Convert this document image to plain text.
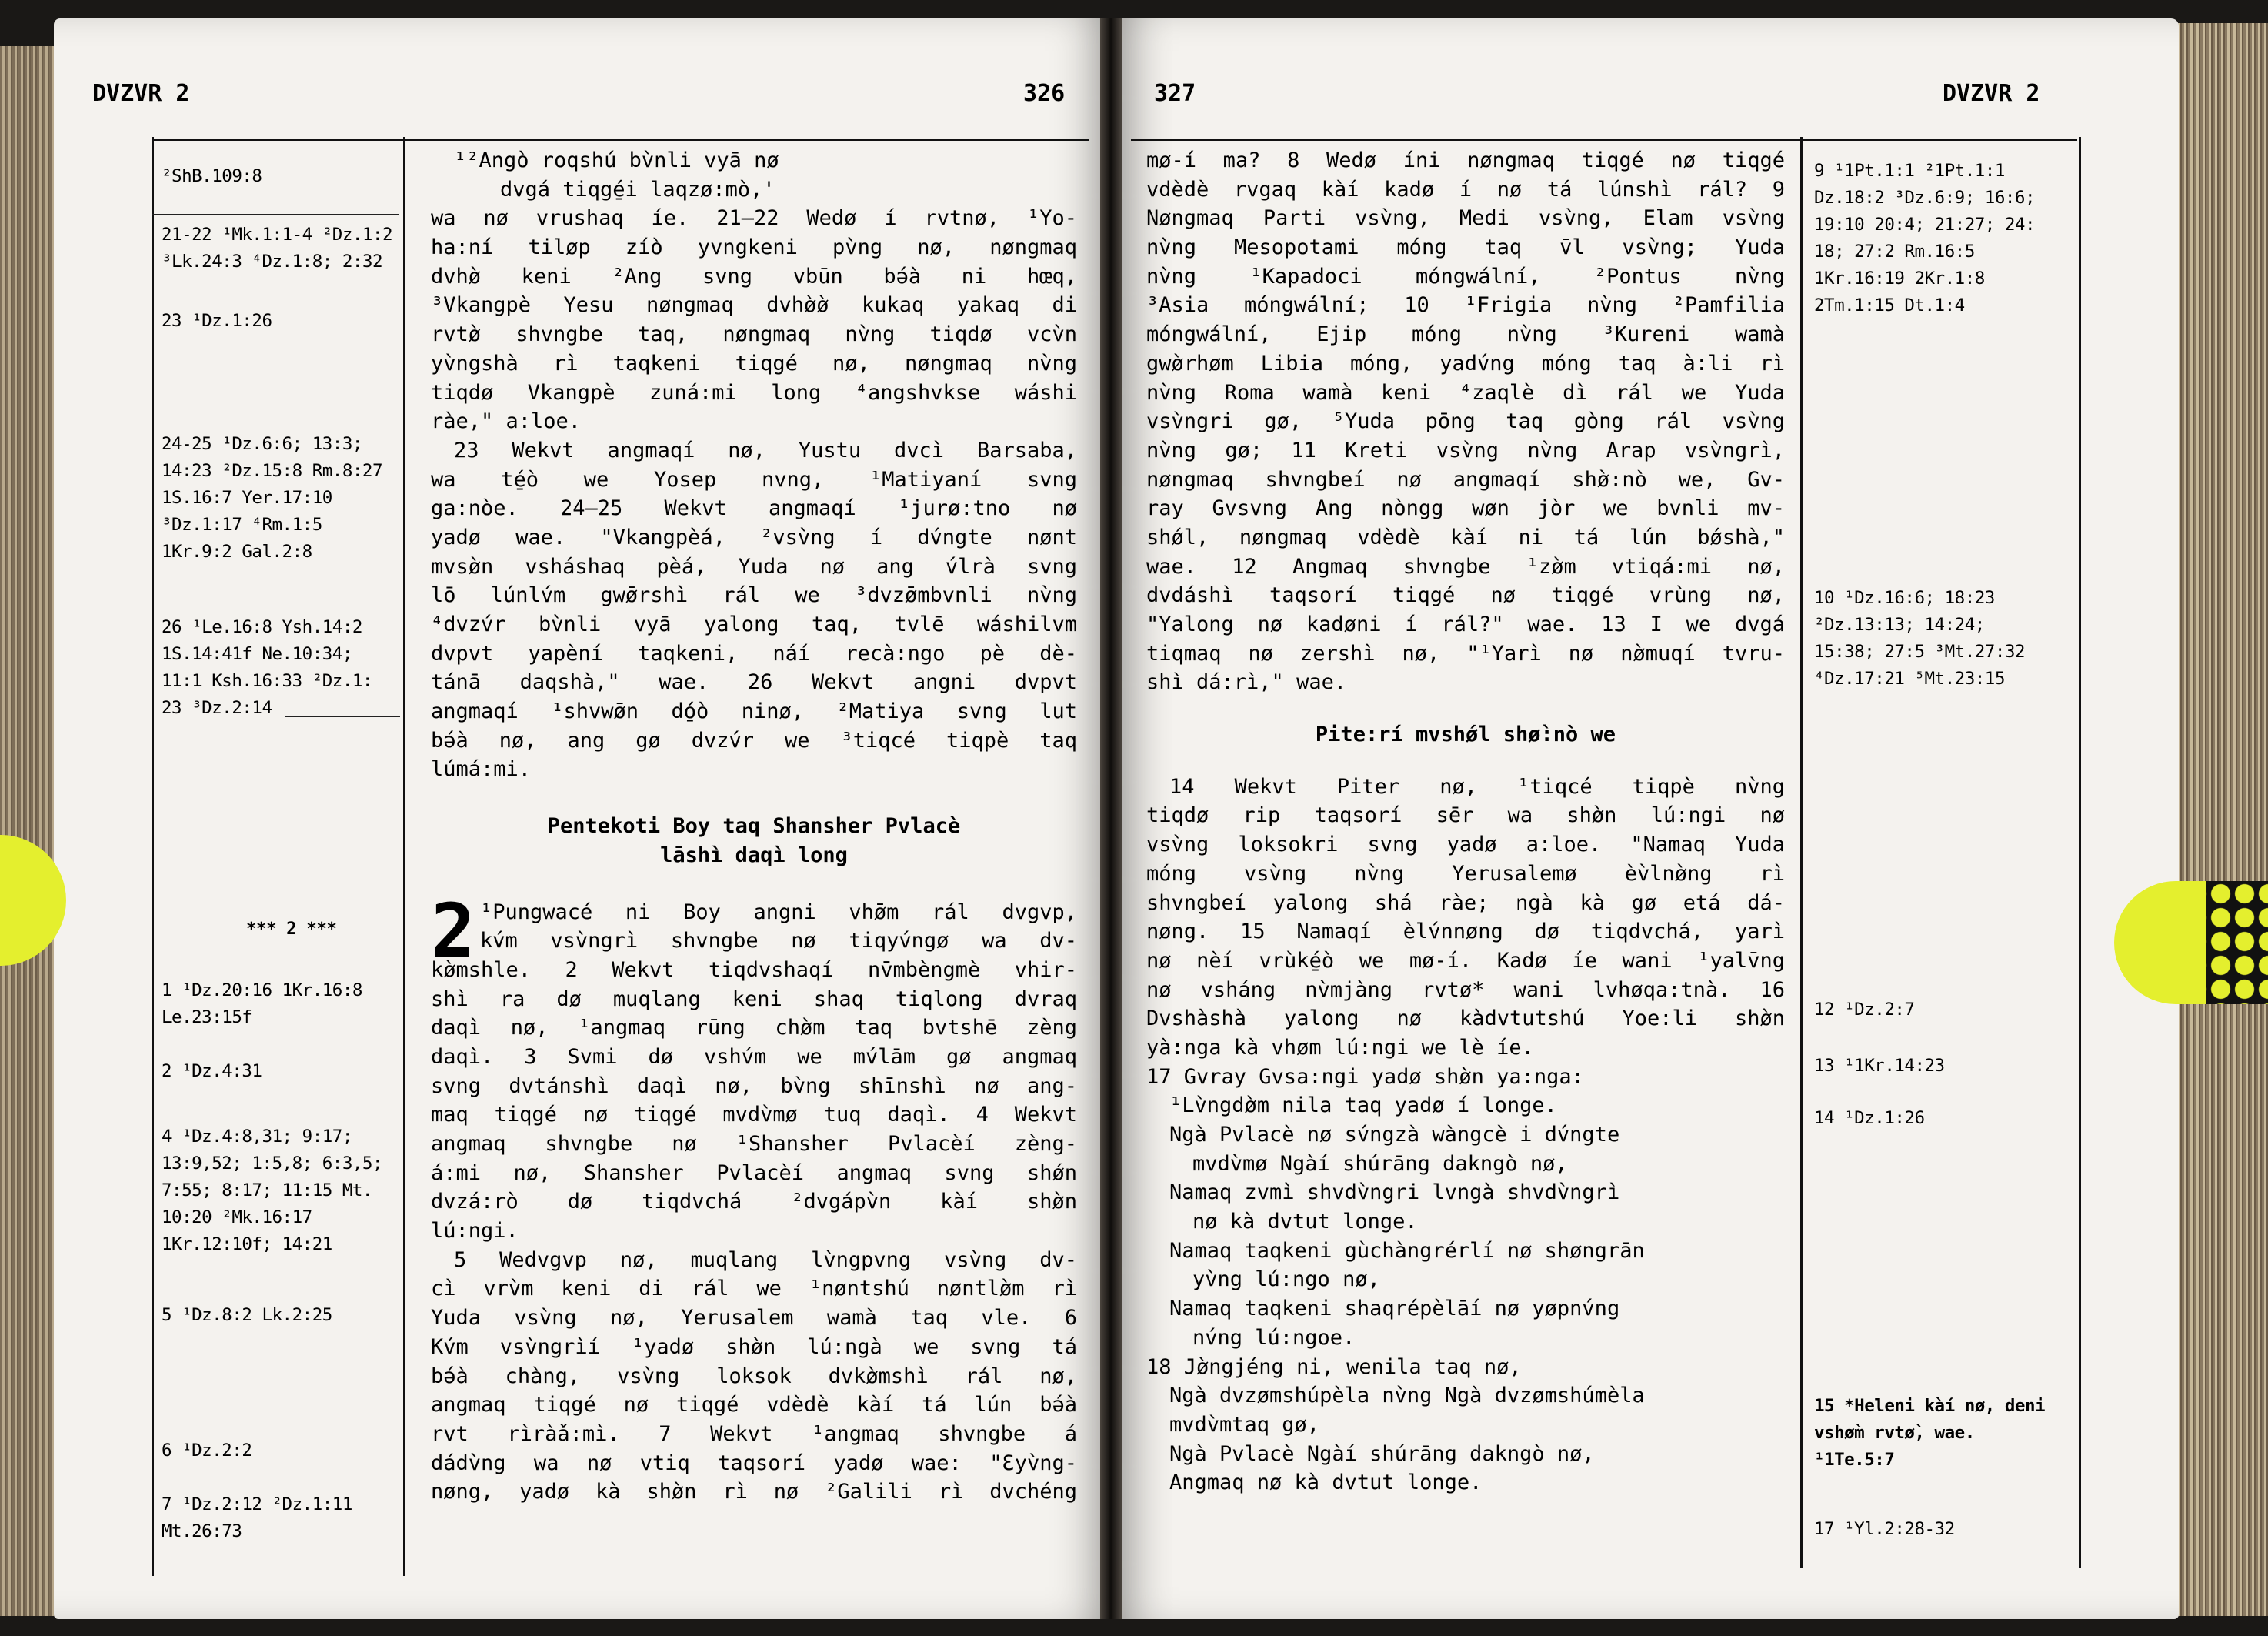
DVZVR 2	326	327	DVZVR 2

²ShB.109:8

21-22 ¹Mk.1:1-4 ²Dz.1:2
³Lk.24:3 ⁴Dz.1:8; 2:32

23 ¹Dz.1:26

24-25 ¹Dz.6:6; 13:3;
14:23 ²Dz.15:8 Rm.8:27
1S.16:7 Yer.17:10
³Dz.1:17 ⁴Rm.1:5
1Kr.9:2 Gal.2:8

26 ¹Le.16:8 Ysh.14:2
1S.14:41f Ne.10:34;
11:1 Ksh.16:33 ²Dz.1:
23 ³Dz.2:14

*** 2 ***

1 ¹Dz.20:16 1Kr.16:8
Le.23:15f

2 ¹Dz.4:31

4 ¹Dz.4:8,31; 9:17;
13:9,52; 1:5,8; 6:3,5;
7:55; 8:17; 11:15 Mt.
10:20 ²Mk.16:17
1Kr.12:10f; 14:21

5 ¹Dz.8:2 Lk.2:25

6 ¹Dz.2:2

7 ¹Dz.2:12 ²Dz.1:11
Mt.26:73

¹²Angò roqshú bv̀nli vyā nø
dvgá tiqgé̱i laqzø:mò,'
wa nø vrushaq íe. 21–22 Wedø í rvtnø, ¹Yo-
ha:ní tiløp zíò yvngkeni pv̀ng nø, nøngmaq
dvhø̀ keni ²Ang svng vbūn bə́à ni hœq,
³Vkangpè Yesu nøngmaq dvhø̀ø̀ kukaq yakaq di
rvtø̀ shvngbe taq, nøngmaq nv̀ng tiqdø vcv̀n
yv̀ngshà rì taqkeni tiqgé nø, nøngmaq nv̀ng
tiqdø Vkangpè zuná:mi long ⁴angshvkse wáshi
ràe," a:loe.
23 Wekvt angmaqí nø, Yustu dvcì Barsaba,
wa té̱ò we Yosep nvng, ¹Matiyaní svng
ga:nòe. 24–25 Wekvt angmaqí ¹jurø:tno nø
yadø wae. "Vkangpèá, ²vsv̀ng í dv́ngte nønt
mvsø̀n vsháshaq pèá, Yuda nø ang v́lrà svng
lō lúnlv́m gwø̄rshì rál we ³dvzø̄mbvnli nv̀ng
⁴dvzv́r bv̀nli vyā yalong taq, tvlē wáshilvm
dvpvt yapèní taqkeni, náí recà:ngo pè dè-
tánā daqshà," wae. 26 Wekvt angni dvpvt
angmaqí ¹shvwø̄n dó̱ò ninø, ²Matiya svng lut
bə́à nø, ang gø dvzv́r we ³tiqcé tiqpè taq
lúmá:mi.
Pentekoti Boy taq Shansher Pvlacè
lāshì daqì long
2 ¹Pungwacé ni Boy angni vhø̄m rál dvgvp,
kv́m vsv̀ngrì shvngbe nø tiqyv́ngø wa dv-
kø̀mshle. 2 Wekvt tiqdvshaqí nv̄mbèngmè vhir-
shì ra dø muqlang keni shaq tiqlong dvraq
daqì nø, ¹angmaq rūng chø̀m taq bvtshē zèng
daqì. 3 Svmi dø vshv́m we mv́lām gø angmaq
svng dvtánshì daqì nø, bv̀ng shīnshì nø ang-
maq tiqgé nø tiqgé mvdv̀mø tuq daqì. 4 Wekvt
angmaq shvngbe nø ¹Shansher Pvlacèí zèng-
á:mi nø, Shansher Pvlacèí angmaq svng shǿn
dvzá:rò dø tiqdvchá ²dvgápv̀n kàí shø̀n
lú:ngi.
5 Wedvgvp nø, muqlang lv̀ngpvng vsv̀ng dv-
cì vrv̀m keni di rál we ¹nøntshú nøntlø̀m rì
Yuda vsv̀ng nø, Yerusalem wamà taq vle. 6
Kv́m vsv̀ngrìí ¹yadø shø̀n lú:ngà we svng tá
bə́à chàng, vsv̀ng loksok dvkø̀mshì rál nø,
angmaq tiqgé nø tiqgé vdèdè kàí tá lún bə́à
rvt rìrà̀á:mì. 7 Wekvt ¹angmaq shvngbe á
dádv̀ng wa nø vtiq taqsorí yadø wae: "Ɛyv̀ng-
nøng, yadø kà shø̀n rì nø ²Galili rì dvchéng
mø-í ma? 8 Wedø íni nøngmaq tiqgé nø tiqgé
vdèdè rvgaq kàí kadø í nø tá lúnshì rál? 9
Nøngmaq Parti vsv̀ng, Medi vsv̀ng, Elam vsv̀ng
nv̀ng Mesopotami móng taq v̄l vsv̀ng; Yuda
nv̀ng ¹Kapadoci móngwální, ²Pontus nv̀ng
³Asia móngwální; 10 ¹Frigia nv̀ng ²Pamfilia
móngwální, Ejip móng nv̀ng ³Kureni wamà
gwø̀rhøm Libia móng, yadv́ng móng taq à:li rì
nv̀ng Roma wamà keni ⁴zaqlè dì rál we Yuda
vsv̀ngri gø, ⁵Yuda pōng taq gòng rál vsv̀ng
nv̀ng gø; 11 Kreti vsv̀ng nv̀ng Arap vsv̀ngrì,
nøngmaq shvngbeí nø angmaqí shø̀:nò we, Gv-
ray Gvsvng Ang nòngg wøn jòr we bvnli mv-
shǿl, nøngmaq vdèdè kàí ni tá lún bǿshà,"
wae. 12 Angmaq shvngbe ¹zø̀m vtiqá:mi nø,
dvdáshì taqsorí tiqgé nø tiqgé vrùng nø,
"Yalong nø kadøni í rál?" wae. 13 I we dvgá
tiqmaq nø zershì nø, "¹Yarì nø nø̀muqí tvru-
shì dá:rì," wae.
Pite:rí mvshǿl shø̀:nò we
14 Wekvt Piter nø, ¹tiqcé tiqpè nv̀ng
tiqdø rip taqsorí sēr wa shø̀n lú:ngi nø
vsv̀ng loksokri svng yadø a:loe. "Namaq Yuda
móng vsv̀ng nv̀ng Yerusalemø èv̀lnø̀ng rì
shvngbeí yalong shá ràe; ngà kà gø etá dá-
nøng. 15 Namaqí èlv́nnøng dø tiqdvchá, yarì
nø nèí vrùké̱ò we mø-í. Kadø íe wani ¹yalv̄ng
nø vsháng nv̀mjàng rvtø* wani lvhøqa:tnà. 16
Dvshàshà yalong nø kàdvtutshú Yoe:li shø̀n
yà:nga kà vhøm lú:ngi we lè íe.
17 Gvray Gvsa:ngi yadø shø̀n ya:nga:
¹Lv̀ngdø̀m nila taq yadø í longe.
Ngà Pvlacè nø sv́ngzà wàngcè i dv́ngte
mvdv̀mø Ngàí shúrāng dakngò nø,
Namaq zvmì shvdv̀ngri lvngà shvdv̀ngrì
nø kà dvtut longe.
Namaq taqkeni gùchàngrérlí nø shøngrān
yv̀ng lú:ngo nø,
Namaq taqkeni shaqrépèlāí nø yøpnv́ng
nv́ng lú:ngoe.
18 Jø̀ngjéng ni, wenila taq nø,
Ngà dvzømshúpèla nv̀ng Ngà dvzømshúmèla
mvdv̀mtaq gø,
Ngà Pvlacè Ngàí shúrāng dakngò nø,
Angmaq nø kà dvtut longe.

9 ¹1Pt.1:1 ²1Pt.1:1
Dz.18:2 ³Dz.6:9; 16:6;
19:10 20:4; 21:27; 24:
18; 27:2 Rm.16:5
1Kr.16:19 2Kr.1:8
2Tm.1:15 Dt.1:4

10 ¹Dz.16:6; 18:23
²Dz.13:13; 14:24;
15:38; 27:5 ³Mt.27:32
⁴Dz.17:21 ⁵Mt.23:15

12 ¹Dz.2:7

13 ¹1Kr.14:23

14 ¹Dz.1:26

15 *Heleni kàí nø, deni
vshø̀m rvtø̀, wae.
¹1Te.5:7

17 ¹Yl.2:28-32
